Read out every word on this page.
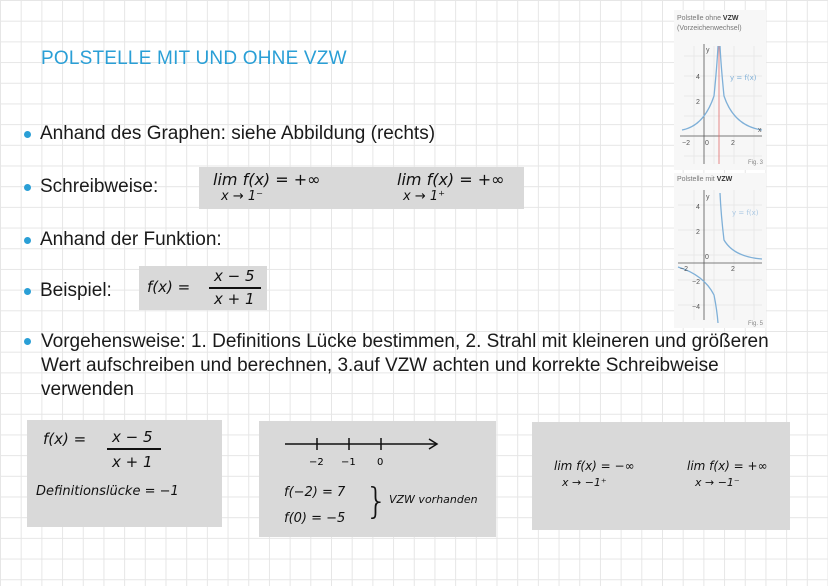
POLSTELLE MIT UND OHNE VZW
Anhand des Graphen: siehe Abbildung (rechts)
Schreibweise:	lim f(x) = +∞
x → 1⁻
lim f(x) = +∞
x → 1⁺
Anhand der Funktion:
Beispiel: f(x) =
x − 5
x + 1
Vorgehensweise: 1. Definitions Lücke bestimmen, 2. Strahl mit kleineren und größeren Wert aufschreiben und berechnen, 3.auf VZW achten und korrekte Schreibweise verwenden
f(x) = x − 5
x + 1
Definitionslücke = −1
−2 −1 0
f(−2) = 7
f(0) = −5 } VZW vorhanden
lim f(x) = −∞
x → −1⁺
lim f(x) = +∞
x → −1⁻
Polstelle ohne VZW
(Vorzeichenwechsel)
y = f(x)
4
2
−2 0	2
x
y
Fig. 3
Polstelle mit VZW
y = f(x)
4
2
−2
0
2
−2
−4
y
Fig. 5
